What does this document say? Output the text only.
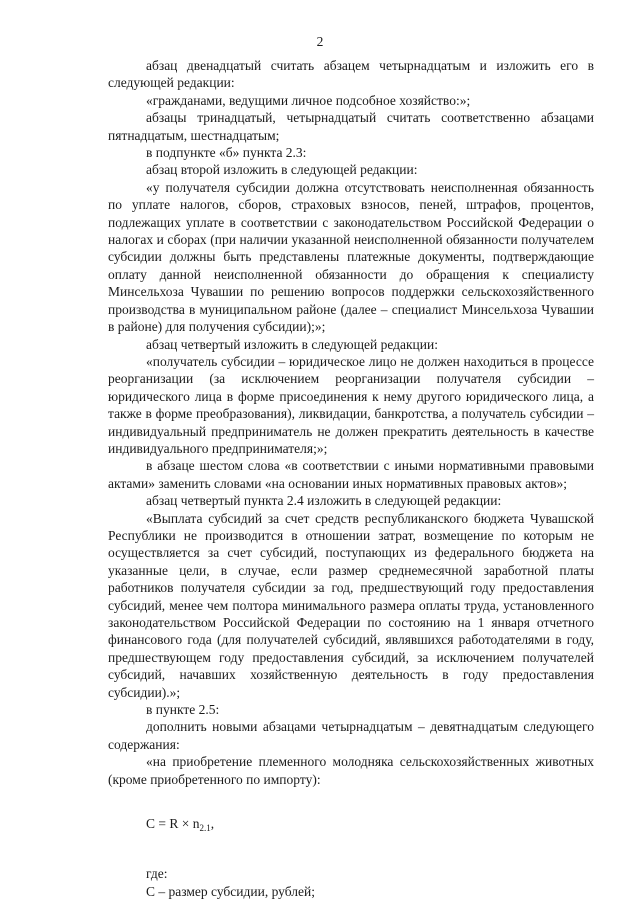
2

абзац двенадцатый считать абзацем четырнадцатым и изложить его в следующей редакции:

«гражданами, ведущими личное подсобное хозяйство:»;

абзацы тринадцатый, четырнадцатый считать соответственно абзацами пятнадцатым, шестнадцатым;

в подпункте «б» пункта 2.3:

абзац второй изложить в следующей редакции:

«у получателя субсидии должна отсутствовать неисполненная обязанность по уплате налогов, сборов, страховых взносов, пеней, штрафов, процентов, подлежащих уплате в соответствии с законодательством Российской Федерации о налогах и сборах (при наличии указанной неисполненной обязанности получателем субсидии должны быть представлены платежные документы, подтверждающие оплату данной неисполненной обязанности до обращения к специалисту Минсельхоза Чувашии по решению вопросов поддержки сельскохозяйственного производства в муниципальном районе (далее – специалист Минсельхоза Чувашии в районе) для получения субсидии);»;

абзац четвертый изложить в следующей редакции:

«получатель субсидии – юридическое лицо не должен находиться в процессе реорганизации (за исключением реорганизации получателя субсидии – юридического лица в форме присоединения к нему другого юридического лица, а также в форме преобразования), ликвидации, банкротства, а получатель субсидии – индивидуальный предприниматель не должен прекратить деятельность в качестве индивидуального предпринимателя;»;

в абзаце шестом слова «в соответствии с иными нормативными правовыми актами» заменить словами «на основании иных нормативных правовых актов»;

абзац четвертый пункта 2.4 изложить в следующей редакции:

«Выплата субсидий за счет средств республиканского бюджета Чувашской Республики не производится в отношении затрат, возмещение по которым не осуществляется за счет субсидий, поступающих из федерального бюджета на указанные цели, в случае, если размер среднемесячной заработной платы работников получателя субсидии за год, предшествующий году предоставления субсидий, менее чем полтора минимального размера оплаты труда, установленного законодательством Российской Федерации по состоянию на 1 января отчетного финансового года (для получателей субсидий, являвшихся работодателями в году, предшествующем году предоставления субсидий, за исключением получателей субсидий, начавших хозяйственную деятельность в году предоставления субсидии).»;

в пункте 2.5:

дополнить новыми абзацами четырнадцатым – девятнадцатым следующего содержания:

«на приобретение племенного молодняка сельскохозяйственных животных (кроме приобретенного по импорту):

$C = R \times n_{2.1}$,

где:

C – размер субсидии, рублей;
